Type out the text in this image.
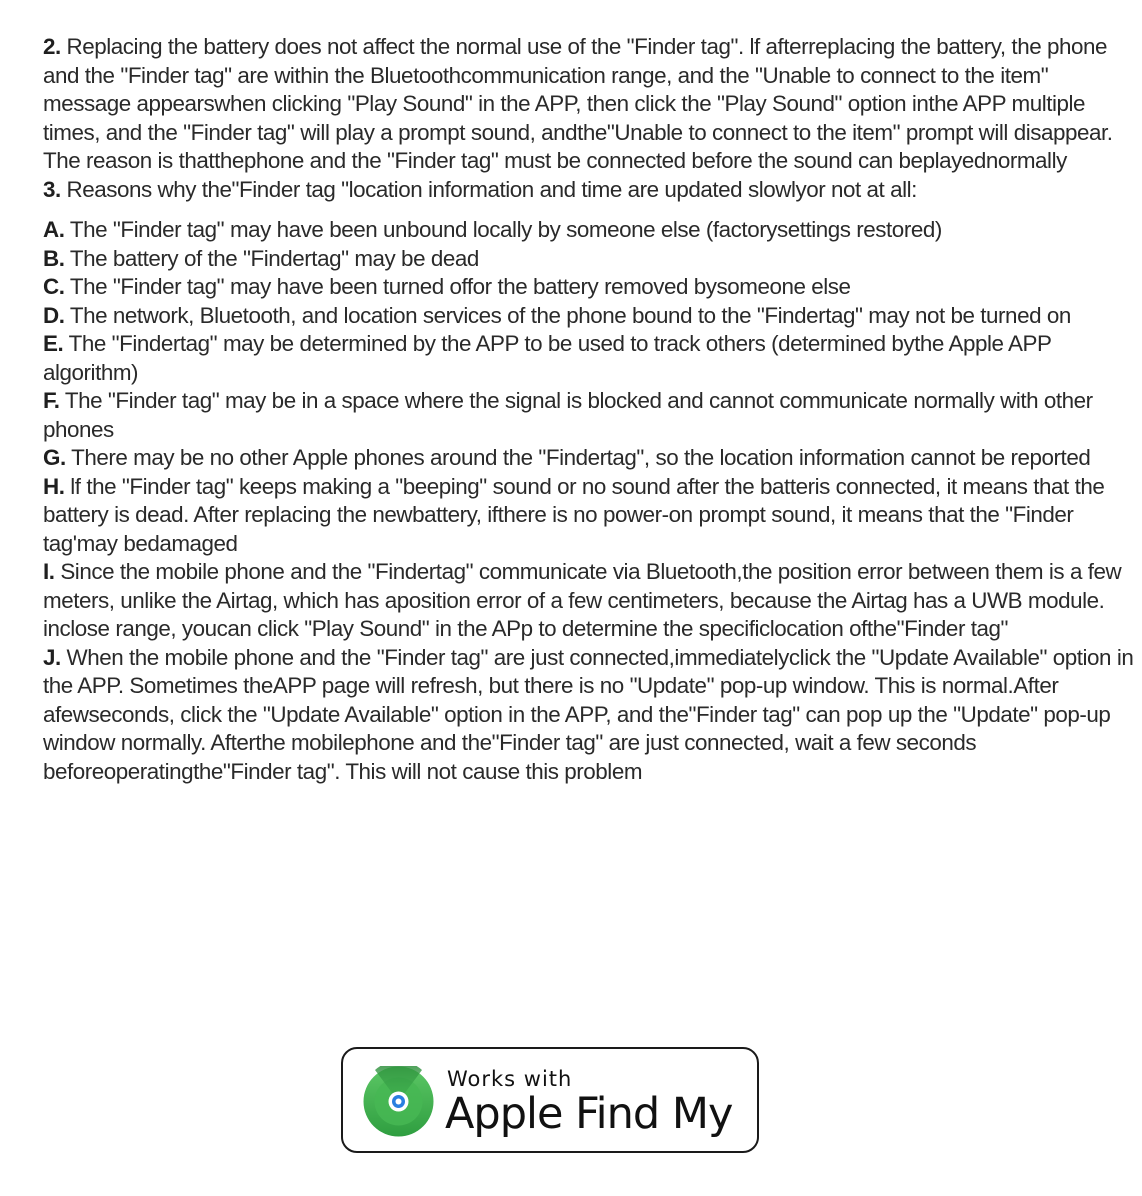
2. Replacing the battery does not affect the normal use of the "Finder tag". lf afterreplacing the battery, the phone and the "Finder tag" are within the Bluetoothcommunication range, and the "Unable to connect to the item" message appearswhen clicking "Play Sound" in the APP, then click the "Play Sound" option inthe APP multiple times, and the "Finder tag" will play a prompt sound, andthe"Unable to connect to the item" prompt will disappear. The reason is thatthephone and the "Finder tag" must be connected before the sound can beplayednormally

3. Reasons why the"Finder tag "location information and time are updated slowlyor not at all:

A. The "Finder tag" may have been unbound locally by someone else (factorysettings restored)

B. The battery of the "Findertag" may be dead

C. The "Finder tag" may have been turned offor the battery removed bysomeone else

D. The network, Bluetooth, and location services of the phone bound to the "Findertag" may not be turned on

E. The "Findertag" may be determined by the APP to be used to track others (determined bythe Apple APP algorithm)

F. The "Finder tag" may be in a space where the signal is blocked and cannot communicate normally with other phones

G. There may be no other Apple phones around the "Findertag", so the location information cannot be reported

H. lf the "Finder tag" keeps making a "beeping" sound or no sound after the batteris connected, it means that the battery is dead. After replacing the newbattery, ifthere is no power-on prompt sound, it means that the "Finder tag'may bedamaged

I. Since the mobile phone and the "Findertag" communicate via Bluetooth,the position error between them is a few meters, unlike the Airtag, which has aposition error of a few centimeters, because the Airtag has a UWB module. inclose range, youcan click "Play Sound" in the APp to determine the specificlocation ofthe"Finder tag"

J. When the mobile phone and the "Finder tag" are just connected,immediatelyclick the "Update Available" option in the APP. Sometimes theAPP page will refresh, but there is no "Update" pop-up window. This is normal.After afewseconds, click the "Update Available" option in the APP, and the"Finder tag" can pop up the "Update" pop-up window normally. Afterthe mobilephone and the"Finder tag" are just connected, wait a few seconds beforeoperatingthe"Finder tag". This will not cause this problem

Works with
Apple Find My
